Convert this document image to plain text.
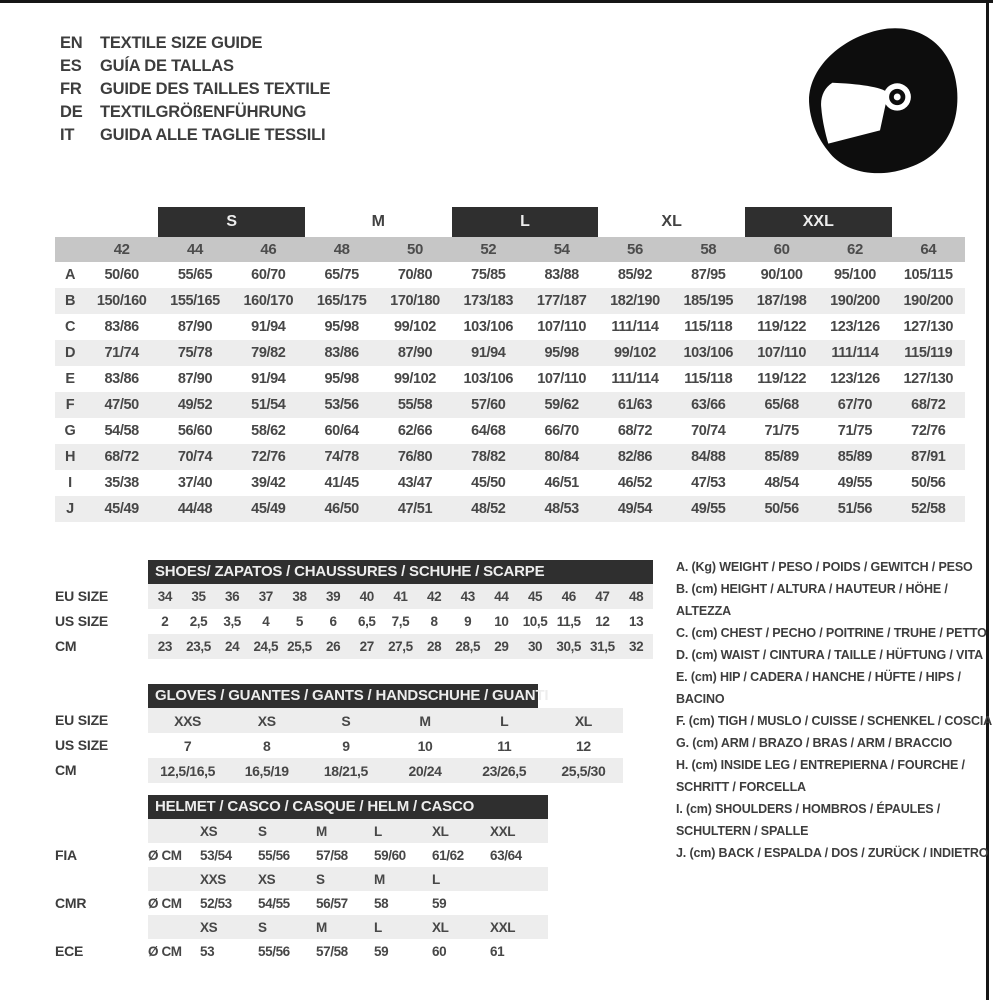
EN	TEXTILE SIZE GUIDE
ES	GUÍA DE TALLAS
FR	GUIDE DES TAILLES TEXTILE
DE	TEXTILGRÖßENFÜHRUNG
IT	GUIDA ALLE TAGLIE TESSILI
		S		M		L		XL		XXL		
	42	44	46	48	50	52	54	56	58	60	62	64
A	50/60	55/65	60/70	65/75	70/80	75/85	83/88	85/92	87/95	90/100	95/100	105/115
B	150/160	155/165	160/170	165/175	170/180	173/183	177/187	182/190	185/195	187/198	190/200	190/200
C	83/86	87/90	91/94	95/98	99/102	103/106	107/110	111/114	115/118	119/122	123/126	127/130
D	71/74	75/78	79/82	83/86	87/90	91/94	95/98	99/102	103/106	107/110	111/114	115/119
E	83/86	87/90	91/94	95/98	99/102	103/106	107/110	111/114	115/118	119/122	123/126	127/130
F	47/50	49/52	51/54	53/56	55/58	57/60	59/62	61/63	63/66	65/68	67/70	68/72
G	54/58	56/60	58/62	60/64	62/66	64/68	66/70	68/72	70/74	71/75	71/75	72/76
H	68/72	70/74	72/76	74/78	76/80	78/82	80/84	82/86	84/88	85/89	85/89	87/91
I	35/38	37/40	39/42	41/45	43/47	45/50	46/51	46/52	47/53	48/54	49/55	50/56
J	45/49	44/48	45/49	46/50	47/51	48/52	48/53	49/54	49/55	50/56	51/56	52/58
EU SIZE
US SIZE
CM
SHOES/ ZAPATOS / CHAUSSURES / SCHUHE / SCARPE
34	35	36	37	38	39	40	41	42	43	44	45	46	47	48
2	2,5	3,5	4	5	6	6,5	7,5	8	9	10	10,5	11,5	12	13
23	23,5	24	24,5	25,5	26	27	27,5	28	28,5	29	30	30,5	31,5	32
EU SIZE
US SIZE
CM
GLOVES / GUANTES / GANTS / HANDSCHUHE / GUANTI
XXS	XS	S	M	L	XL
7	8	9	10	11	12
12,5/16,5	16,5/19	18/21,5	20/24	23/26,5	25,5/30
FIA
CMR
ECE
HELMET / CASCO / CASQUE / HELM / CASCO
	XS	S	M	L	XL	XXL
Ø CM	53/54	55/56	57/58	59/60	61/62	63/64
	XXS	XS	S	M	L	
Ø CM	52/53	54/55	56/57	58	59	
	XS	S	M	L	XL	XXL
Ø CM	53	55/56	57/58	59	60	61
A. (Kg) WEIGHT / PESO / POIDS / GEWITCH / PESO
B. (cm) HEIGHT / ALTURA / HAUTEUR / HÖHE / ALTEZZA
C. (cm) CHEST / PECHO / POITRINE / TRUHE / PETTO
D. (cm) WAIST / CINTURA / TAILLE / HÜFTUNG / VITA
E. (cm) HIP / CADERA / HANCHE / HÜFTE / HIPS / BACINO
F. (cm) TIGH / MUSLO / CUISSE / SCHENKEL / COSCIA
G. (cm) ARM / BRAZO / BRAS / ARM / BRACCIO
H. (cm) INSIDE LEG / ENTREPIERNA / FOURCHE / SCHRITT / FORCELLA
I. (cm) SHOULDERS / HOMBROS / ÉPAULES / SCHULTERN / SPALLE
J. (cm) BACK / ESPALDA / DOS / ZURÜCK / INDIETRO
